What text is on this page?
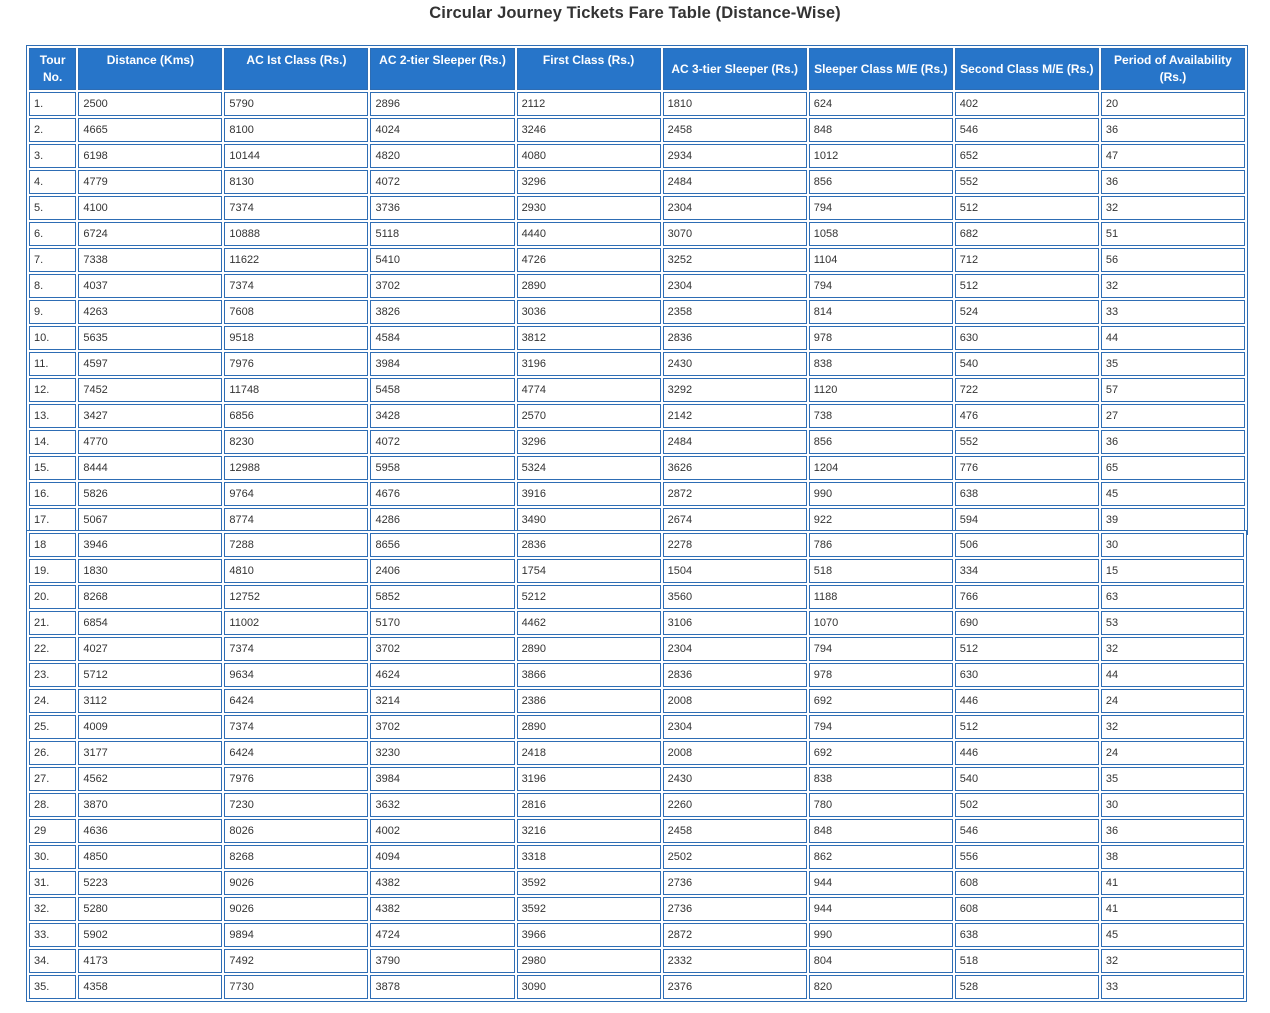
Circular Journey Tickets Fare Table (Distance-Wise)
Tour No.	Distance (Kms)	AC Ist Class (Rs.)	AC 2-tier Sleeper (Rs.)	First Class (Rs.)	AC 3-tier Sleeper (Rs.)	Sleeper Class M/E (Rs.)	Second Class M/E (Rs.)	Period of Availability (Rs.)
1.	2500	5790	2896	2112	1810	624	402	20
2.	4665	8100	4024	3246	2458	848	546	36
3.	6198	10144	4820	4080	2934	1012	652	47
4.	4779	8130	4072	3296	2484	856	552	36
5.	4100	7374	3736	2930	2304	794	512	32
6.	6724	10888	5118	4440	3070	1058	682	51
7.	7338	11622	5410	4726	3252	1104	712	56
8.	4037	7374	3702	2890	2304	794	512	32
9.	4263	7608	3826	3036	2358	814	524	33
10.	5635	9518	4584	3812	2836	978	630	44
11.	4597	7976	3984	3196	2430	838	540	35
12.	7452	11748	5458	4774	3292	1120	722	57
13.	3427	6856	3428	2570	2142	738	476	27
14.	4770	8230	4072	3296	2484	856	552	36
15.	8444	12988	5958	5324	3626	1204	776	65
16.	5826	9764	4676	3916	2872	990	638	45
17.	5067	8774	4286	3490	2674	922	594	39
18	3946	7288	8656	2836	2278	786	506	30
19.	1830	4810	2406	1754	1504	518	334	15
20.	8268	12752	5852	5212	3560	1188	766	63
21.	6854	11002	5170	4462	3106	1070	690	53
22.	4027	7374	3702	2890	2304	794	512	32
23.	5712	9634	4624	3866	2836	978	630	44
24.	3112	6424	3214	2386	2008	692	446	24
25.	4009	7374	3702	2890	2304	794	512	32
26.	3177	6424	3230	2418	2008	692	446	24
27.	4562	7976	3984	3196	2430	838	540	35
28.	3870	7230	3632	2816	2260	780	502	30
29	4636	8026	4002	3216	2458	848	546	36
30.	4850	8268	4094	3318	2502	862	556	38
31.	5223	9026	4382	3592	2736	944	608	41
32.	5280	9026	4382	3592	2736	944	608	41
33.	5902	9894	4724	3966	2872	990	638	45
34.	4173	7492	3790	2980	2332	804	518	32
35.	4358	7730	3878	3090	2376	820	528	33
